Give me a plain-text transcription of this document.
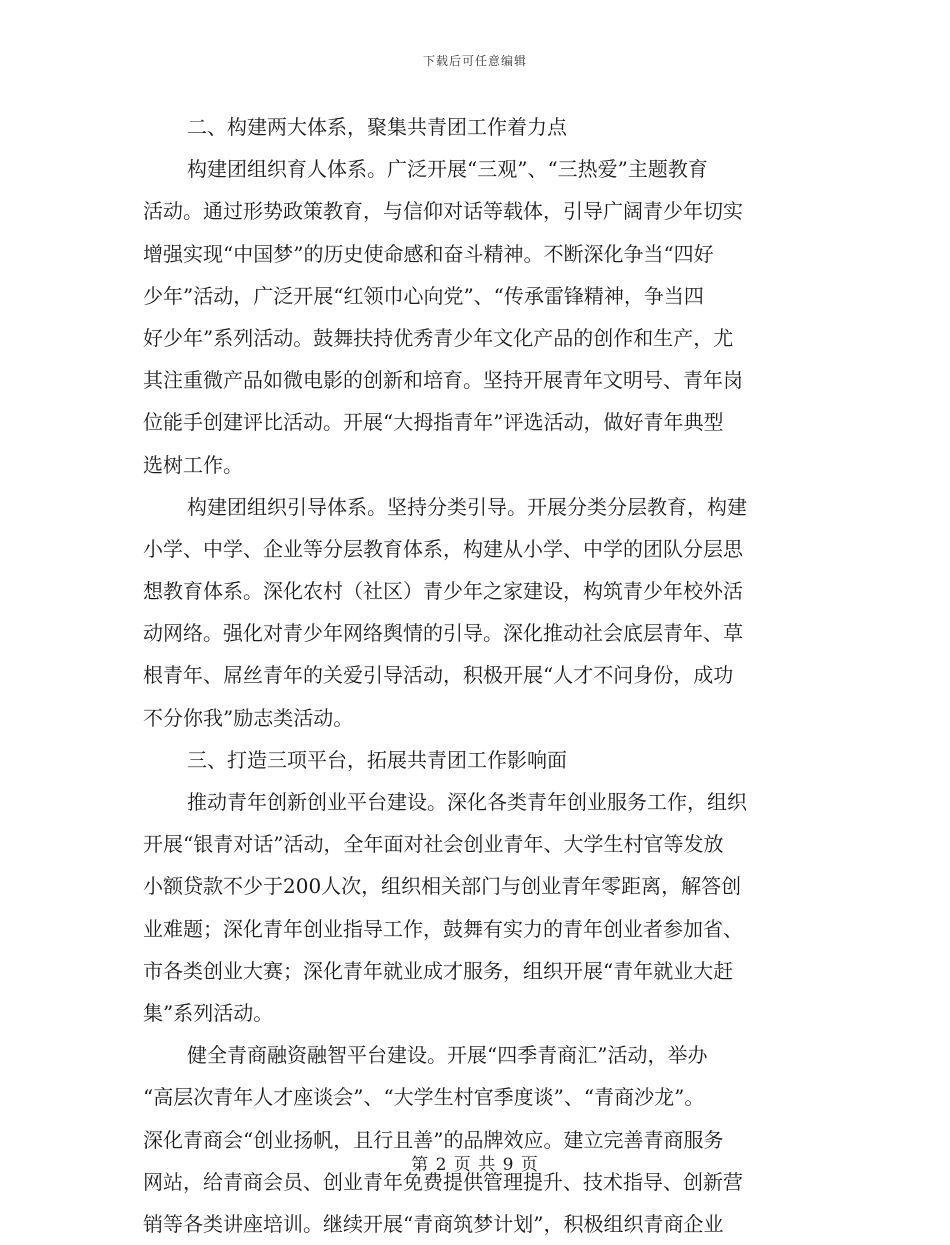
下载后可任意编辑
二、构建两大体系，聚集共青团工作着力点
构建团组织育人体系。广泛开展“三观”、“三热爱”主题教育
活动。通过形势政策教育，与信仰对话等载体，引导广阔青少年切实
增强实现“中国梦”的历史使命感和奋斗精神。不断深化争当“四好
少年”活动，广泛开展“红领巾心向党”、“传承雷锋精神，争当四
好少年”系列活动。鼓舞扶持优秀青少年文化产品的创作和生产，尤
其注重微产品如微电影的创新和培育。坚持开展青年文明号、青年岗
位能手创建评比活动。开展“大拇指青年”评选活动，做好青年典型
选树工作。
构建团组织引导体系。坚持分类引导。开展分类分层教育，构建
小学、中学、企业等分层教育体系，构建从小学、中学的团队分层思
想教育体系。深化农村（社区）青少年之家建设，构筑青少年校外活
动网络。强化对青少年网络舆情的引导。深化推动社会底层青年、草
根青年、屌丝青年的关爱引导活动，积极开展“人才不问身份，成功
不分你我”励志类活动。
三、打造三项平台，拓展共青团工作影响面
推动青年创新创业平台建设。深化各类青年创业服务工作，组织
开展“银青对话”活动，全年面对社会创业青年、大学生村官等发放
小额贷款不少于200人次，组织相关部门与创业青年零距离，解答创
业难题；深化青年创业指导工作，鼓舞有实力的青年创业者参加省、
市各类创业大赛；深化青年就业成才服务，组织开展“青年就业大赶
集”系列活动。
健全青商融资融智平台建设。开展“四季青商汇”活动，举办
“高层次青年人才座谈会”、“大学生村官季度谈”、“青商沙龙”。
深化青商会“创业扬帆，且行且善”的品牌效应。建立完善青商服务
网站，给青商会员、创业青年免费提供管理提升、技术指导、创新营
销等各类讲座培训。继续开展“青商筑梦计划”，积极组织青商企业
第 2 页 共 9 页
